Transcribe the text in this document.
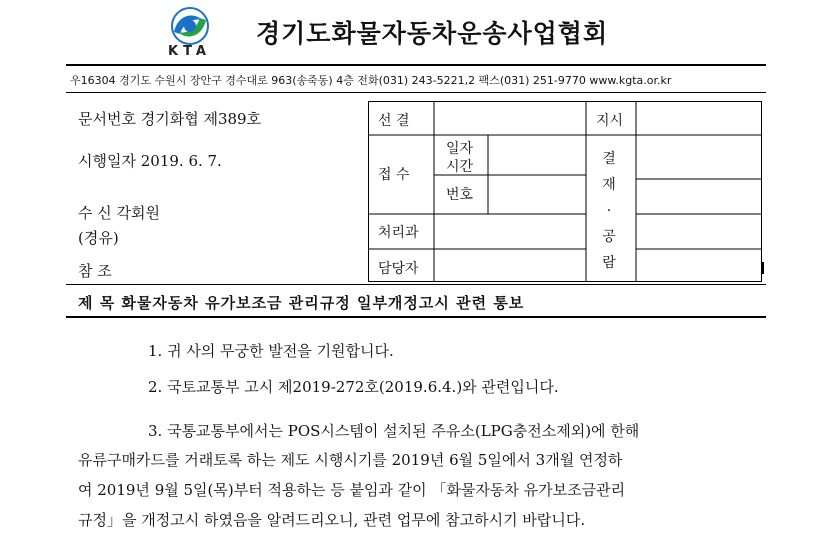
KTA
경기도화물자동차운송사업협회
우16304 경기도 수원시 장안구 경수대로 963(송죽동) 4층 전화(031) 243-5221,2 팩스(031) 251-9770 www.kgta.or.kr
문서번호 경기화협 제389호
시행일자 2019. 6. 7.
수 신 각회원
(경유)
참 조
선 결
접 수
일자
시간
번호
처리과
담당자
지시
결
재
·
공
람
제 목 화물자동차 유가보조금 관리규정 일부개정고시 관련 통보
1. 귀 사의 무궁한 발전을 기원합니다.
2. 국토교통부 고시 제2019-272호(2019.6.4.)와 관련입니다.
3. 국통교통부에서는 POS시스템이 설치된 주유소(LPG충전소제외)에 한해
유류구매카드를 거래토록 하는 제도 시행시기를 2019년 6월 5일에서 3개월 연정하
여 2019년 9월 5일(목)부터 적용하는 등 붙임과 같이 「화물자동차 유가보조금관리
규정」을 개정고시 하였음을 알려드리오니, 관련 업무에 참고하시기 바랍니다.
